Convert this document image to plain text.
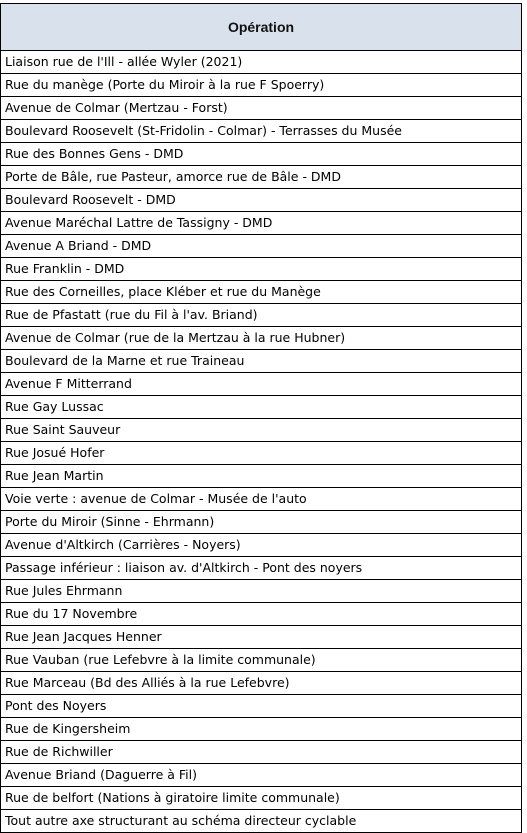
Opération
Liaison rue de l'Ill - allée Wyler (2021)
Rue du manège (Porte du Miroir à la rue F Spoerry)
Avenue de Colmar (Mertzau - Forst)
Boulevard Roosevelt (St-Fridolin - Colmar) - Terrasses du Musée
Rue des Bonnes Gens - DMD
Porte de Bâle, rue Pasteur, amorce rue de Bâle - DMD
Boulevard Roosevelt - DMD
Avenue Maréchal Lattre de Tassigny - DMD
Avenue A Briand - DMD
Rue Franklin - DMD
Rue des Corneilles, place Kléber et rue du Manège
Rue de Pfastatt (rue du Fil à l'av. Briand)
Avenue de Colmar (rue de la Mertzau à la rue Hubner)
Boulevard de la Marne et rue Traineau
Avenue F Mitterrand
Rue Gay Lussac
Rue Saint Sauveur
Rue Josué Hofer
Rue Jean Martin
Voie verte : avenue de Colmar - Musée de l'auto
Porte du Miroir (Sinne - Ehrmann)
Avenue d'Altkirch (Carrières - Noyers)
Passage inférieur : liaison av. d'Altkirch - Pont des noyers
Rue Jules Ehrmann
Rue du 17 Novembre
Rue Jean Jacques Henner
Rue Vauban (rue Lefebvre à la limite communale)
Rue Marceau (Bd des Alliés à la rue Lefebvre)
Pont des Noyers
Rue de Kingersheim
Rue de Richwiller
Avenue Briand (Daguerre à Fil)
Rue de belfort (Nations à giratoire limite communale)
Tout autre axe structurant au schéma directeur cyclable
